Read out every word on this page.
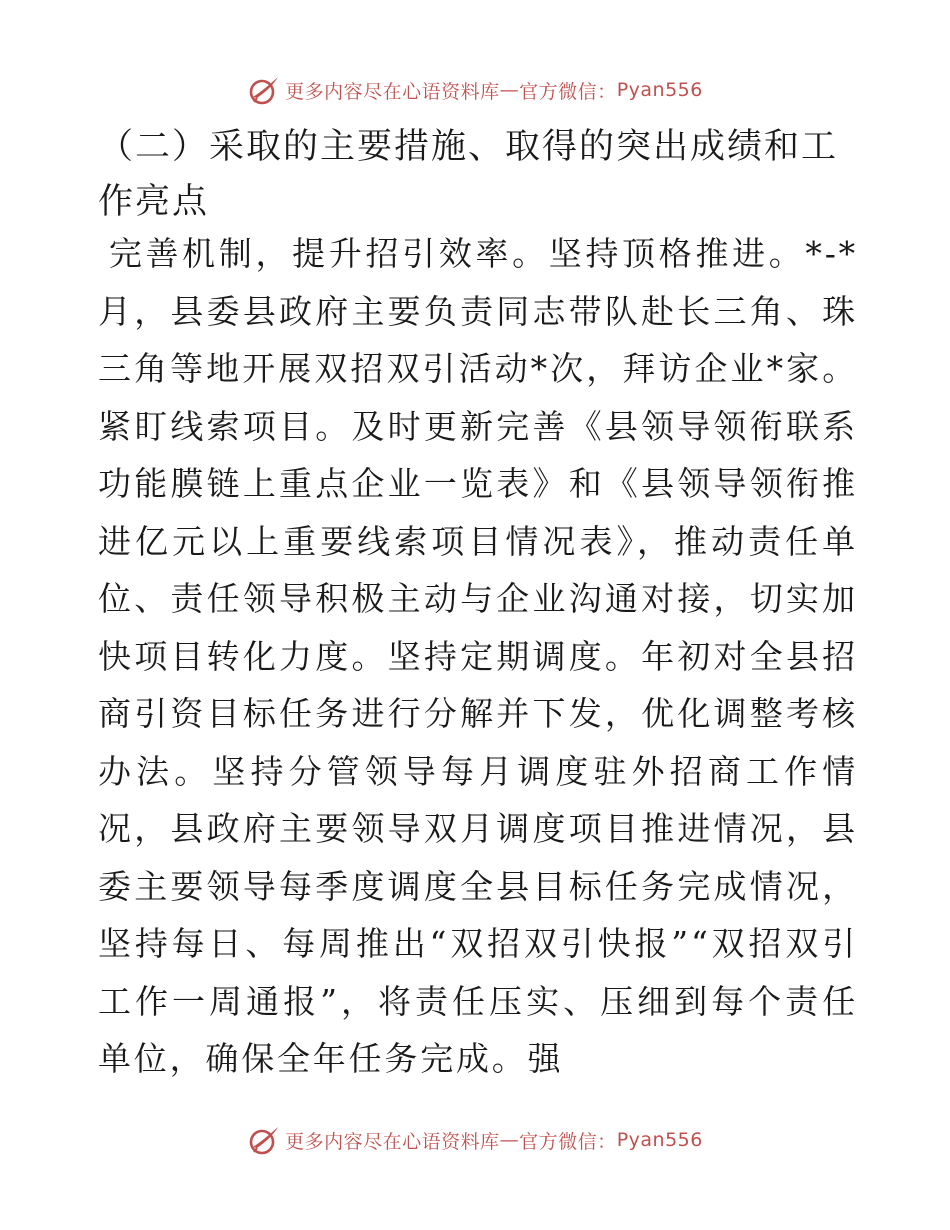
更多内容尽在心语资料库 — 官方微信： Pyan556
（二）采取的主要措施、取得的突出成绩和工作亮点

完善机制，提升招引效率。坚持顶格推进。*-*月，县委县政府主要负责同志带队赴长三角、珠三角等地开展双招双引活动*次，拜访企业*家。紧盯线索项目。及时更新完善《县领导领衔联系功能膜链上重点企业一览表》和《县领导领衔推进亿元以上重要线索项目情况表》，推动责任单位、责任领导积极主动与企业沟通对接，切实加快项目转化力度。坚持定期调度。年初对全县招商引资目标任务进行分解并下发，优化调整考核办法。坚持分管领导每月调度驻外招商工作情况，县政府主要领导双月调度项目推进情况，县委主要领导每季度调度全县目标任务完成情况，坚持每日、每周推出“双招双引快报”“双招双引工作一周通报”，将责任压实、压细到每个责任单位，确保全年任务完成。强

更多内容尽在心语资料库 — 官方微信： Pyan556
